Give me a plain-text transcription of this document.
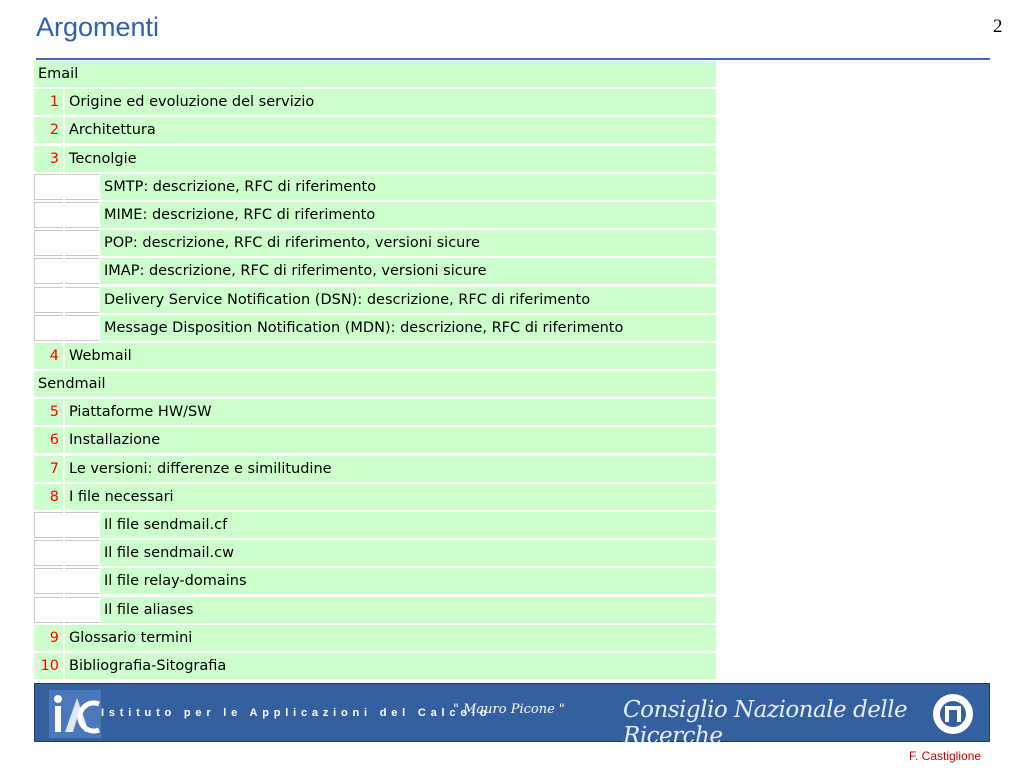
Argomenti	2
Email
1 Origine ed evoluzione del servizio
2 Architettura
3 Tecnolgie
SMTP: descrizione, RFC di riferimento
MIME: descrizione, RFC di riferimento
POP: descrizione, RFC di riferimento, versioni sicure
IMAP: descrizione, RFC di riferimento, versioni sicure
Delivery Service Notification (DSN): descrizione, RFC di riferimento
Message Disposition Notification (MDN): descrizione, RFC di riferimento
4 Webmail
Sendmail
5 Piattaforme HW/SW
6 Installazione
7 Le versioni: differenze e similitudine
8 I file necessari
Il file sendmail.cf
Il file sendmail.cw
Il file relay-domains
Il file aliases
9 Glossario termini
10 Bibliografia-Sitografia
Istituto per le Applicazioni del Calcolo
" Mauro Picone "	Consiglio Nazionale delle Ricerche
F. Castiglione
